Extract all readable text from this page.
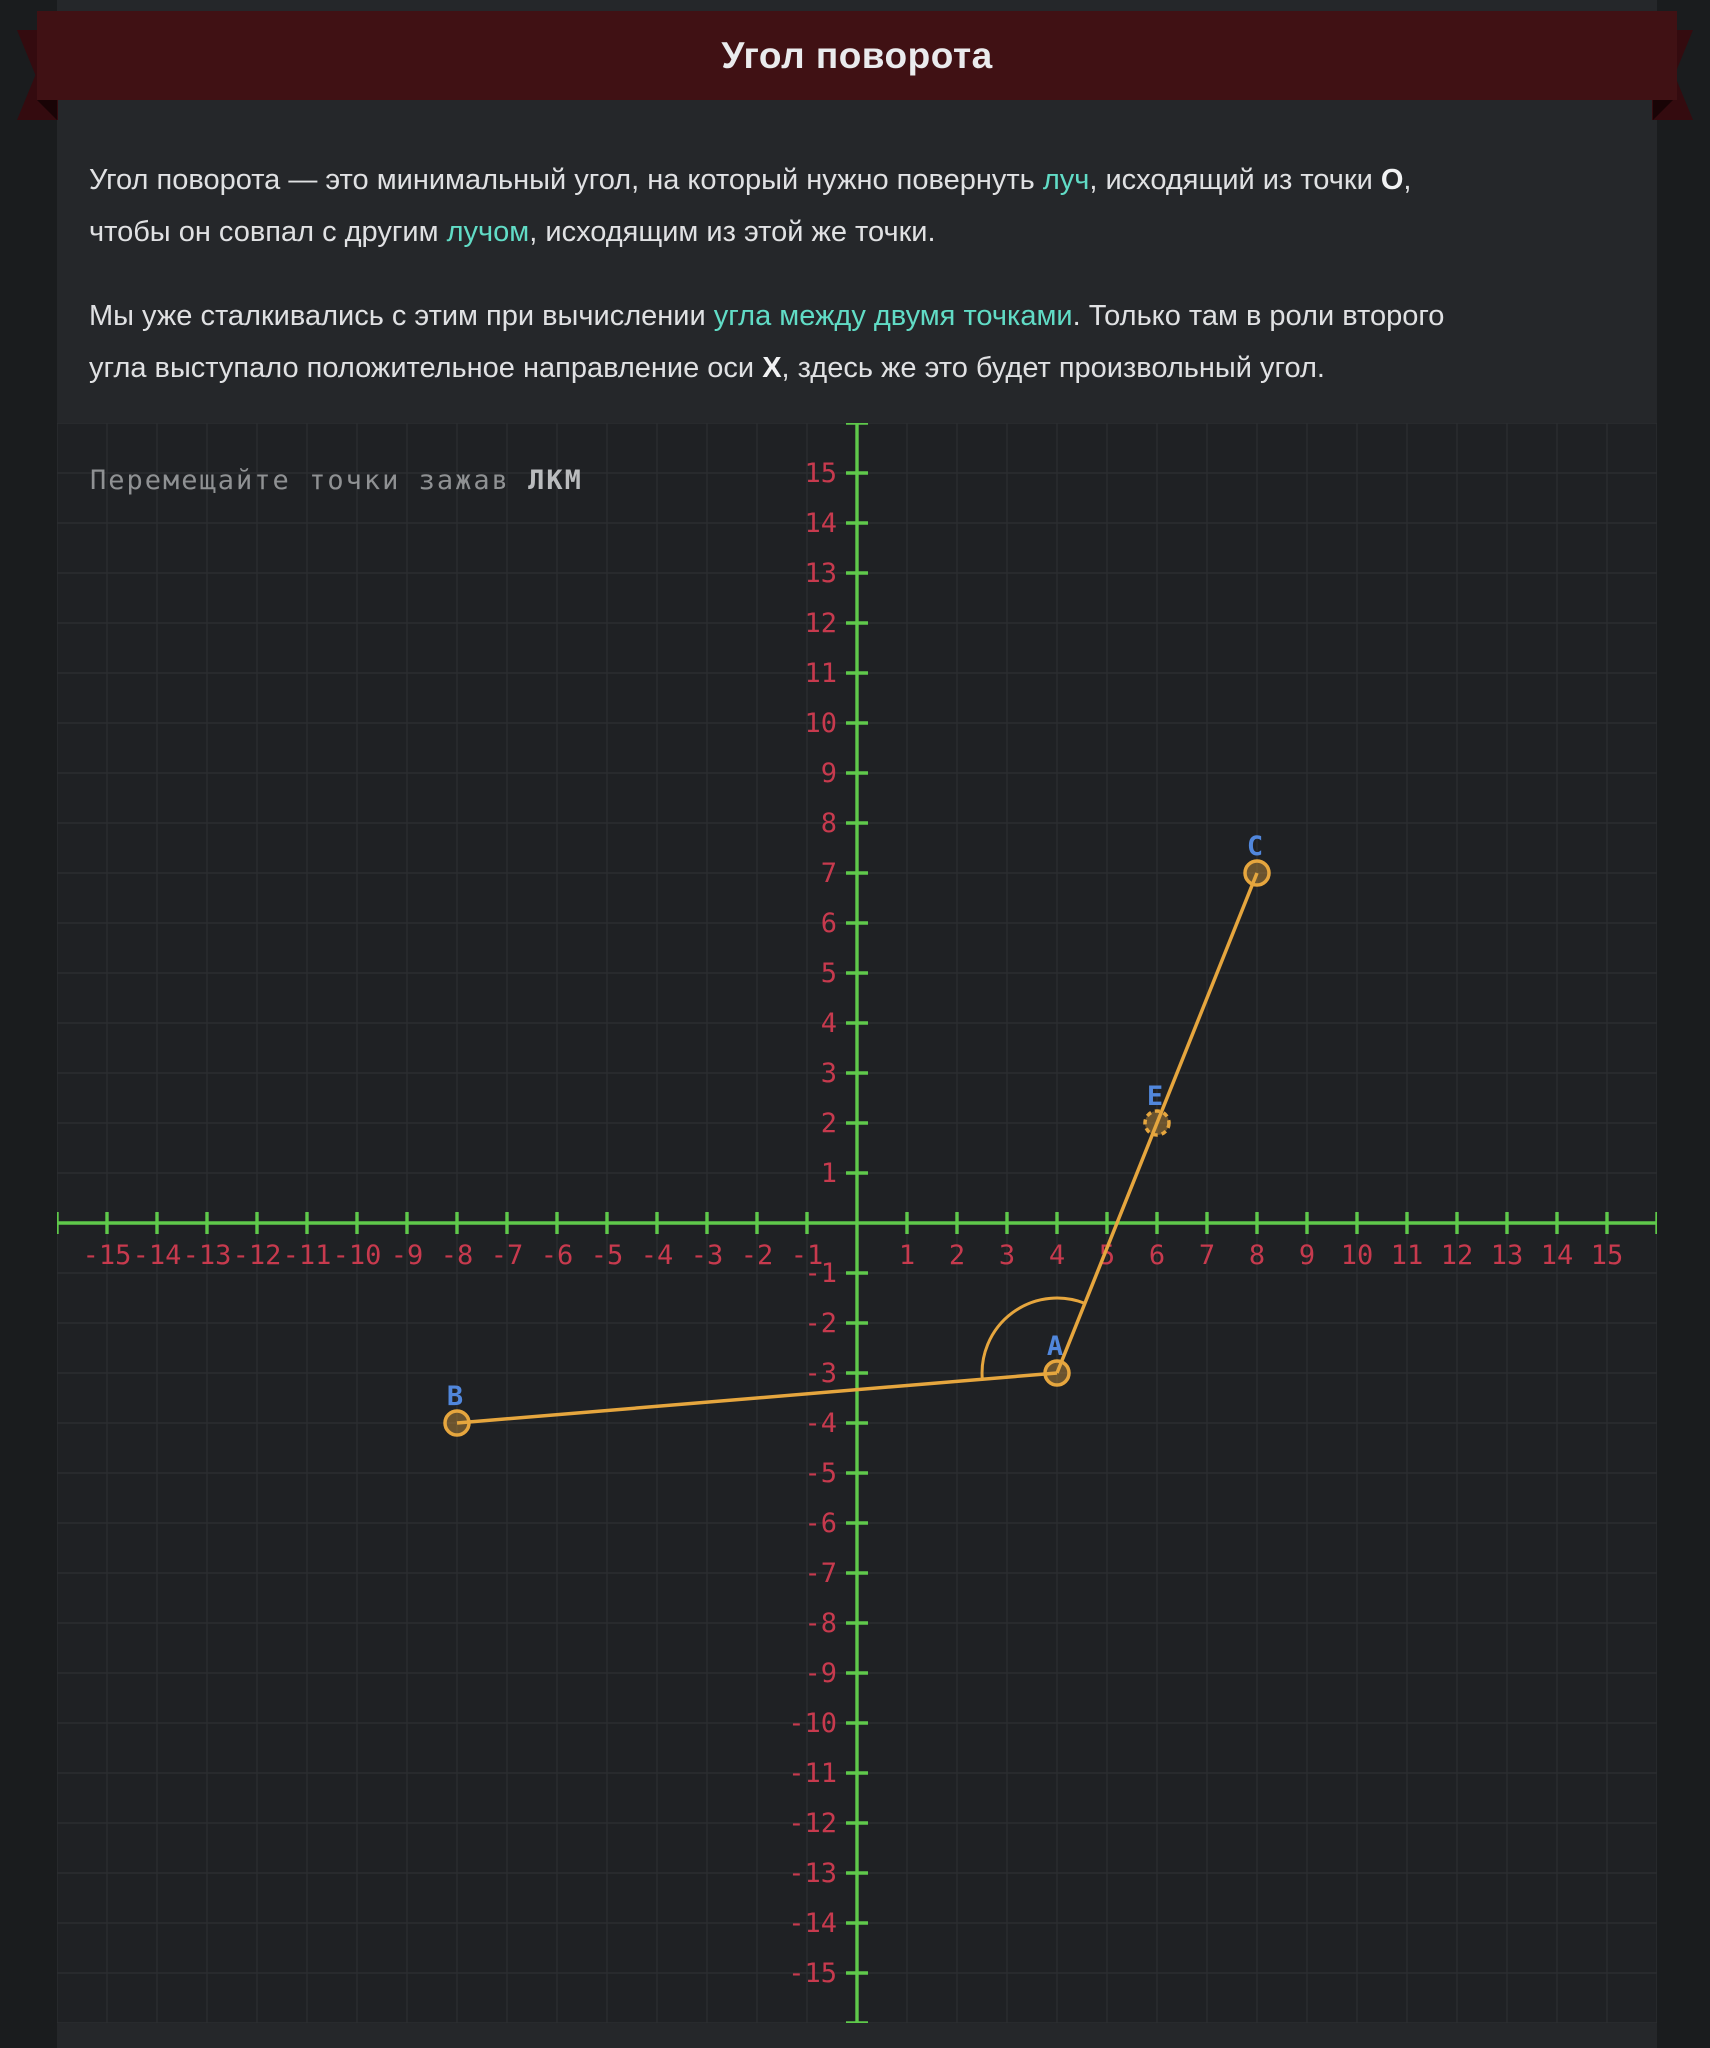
Угол поворота
Угол поворота — это минимальный угол, на который нужно повернуть луч, исходящий из точки О,
чтобы он совпал с другим лучом, исходящим из этой же точки.
Мы уже сталкивались с этим при вычислении угла между двумя точками. Только там в роли второго
угла выступало положительное направление оси X, здесь же это будет произвольный угол.
-15
-15
-14
-14
-13
-13
-12
-12
-11
-11
-10
-10
-9
-9
-8
-8
-7
-7
-6
-6
-5
-5
-4
-4
-3
-3
-2
-2
-1
-1
1
1
2
2
3
3
4
4
5
5
6
6
7
7
8
8
9
9
10
10
11
11
12
12
13
13
14
14
15
15
A
B
C
E
Перемещайте точки зажав ЛКМ
